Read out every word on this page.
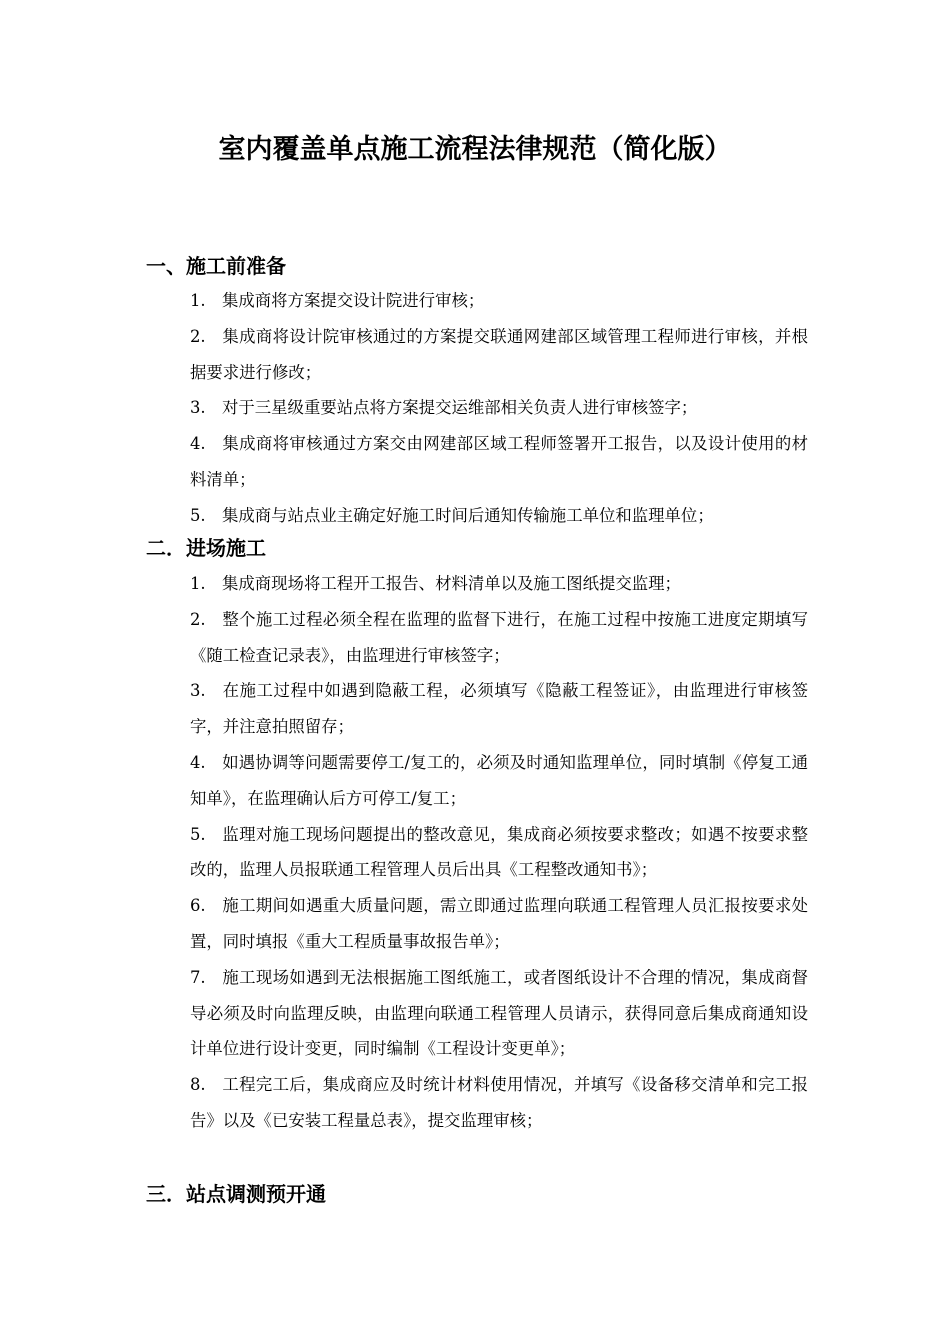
室内覆盖单点施工流程法律规范（简化版）
一、施工前准备
1. 集成商将方案提交设计院进行审核；
2. 集成商将设计院审核通过的方案提交联通网建部区域管理工程师进行审核，并根据要求进行修改；
3. 对于三星级重要站点将方案提交运维部相关负责人进行审核签字；
4. 集成商将审核通过方案交由网建部区域工程师签署开工报告，以及设计使用的材料清单；
5. 集成商与站点业主确定好施工时间后通知传输施工单位和监理单位；
二．进场施工
1. 集成商现场将工程开工报告、材料清单以及施工图纸提交监理；
2. 整个施工过程必须全程在监理的监督下进行，在施工过程中按施工进度定期填写《随工检查记录表》，由监理进行审核签字；
3. 在施工过程中如遇到隐蔽工程，必须填写《隐蔽工程签证》，由监理进行审核签字，并注意拍照留存；
4. 如遇协调等问题需要停工/复工的，必须及时通知监理单位，同时填制《停复工通知单》，在监理确认后方可停工/复工；
5. 监理对施工现场问题提出的整改意见，集成商必须按要求整改；如遇不按要求整改的，监理人员报联通工程管理人员后出具《工程整改通知书》；
6. 施工期间如遇重大质量问题，需立即通过监理向联通工程管理人员汇报按要求处置，同时填报《重大工程质量事故报告单》；
7. 施工现场如遇到无法根据施工图纸施工，或者图纸设计不合理的情况，集成商督导必须及时向监理反映，由监理向联通工程管理人员请示，获得同意后集成商通知设计单位进行设计变更，同时编制《工程设计变更单》；
8. 工程完工后，集成商应及时统计材料使用情况，并填写《设备移交清单和完工报告》以及《已安装工程量总表》，提交监理审核；
三．站点调测预开通
